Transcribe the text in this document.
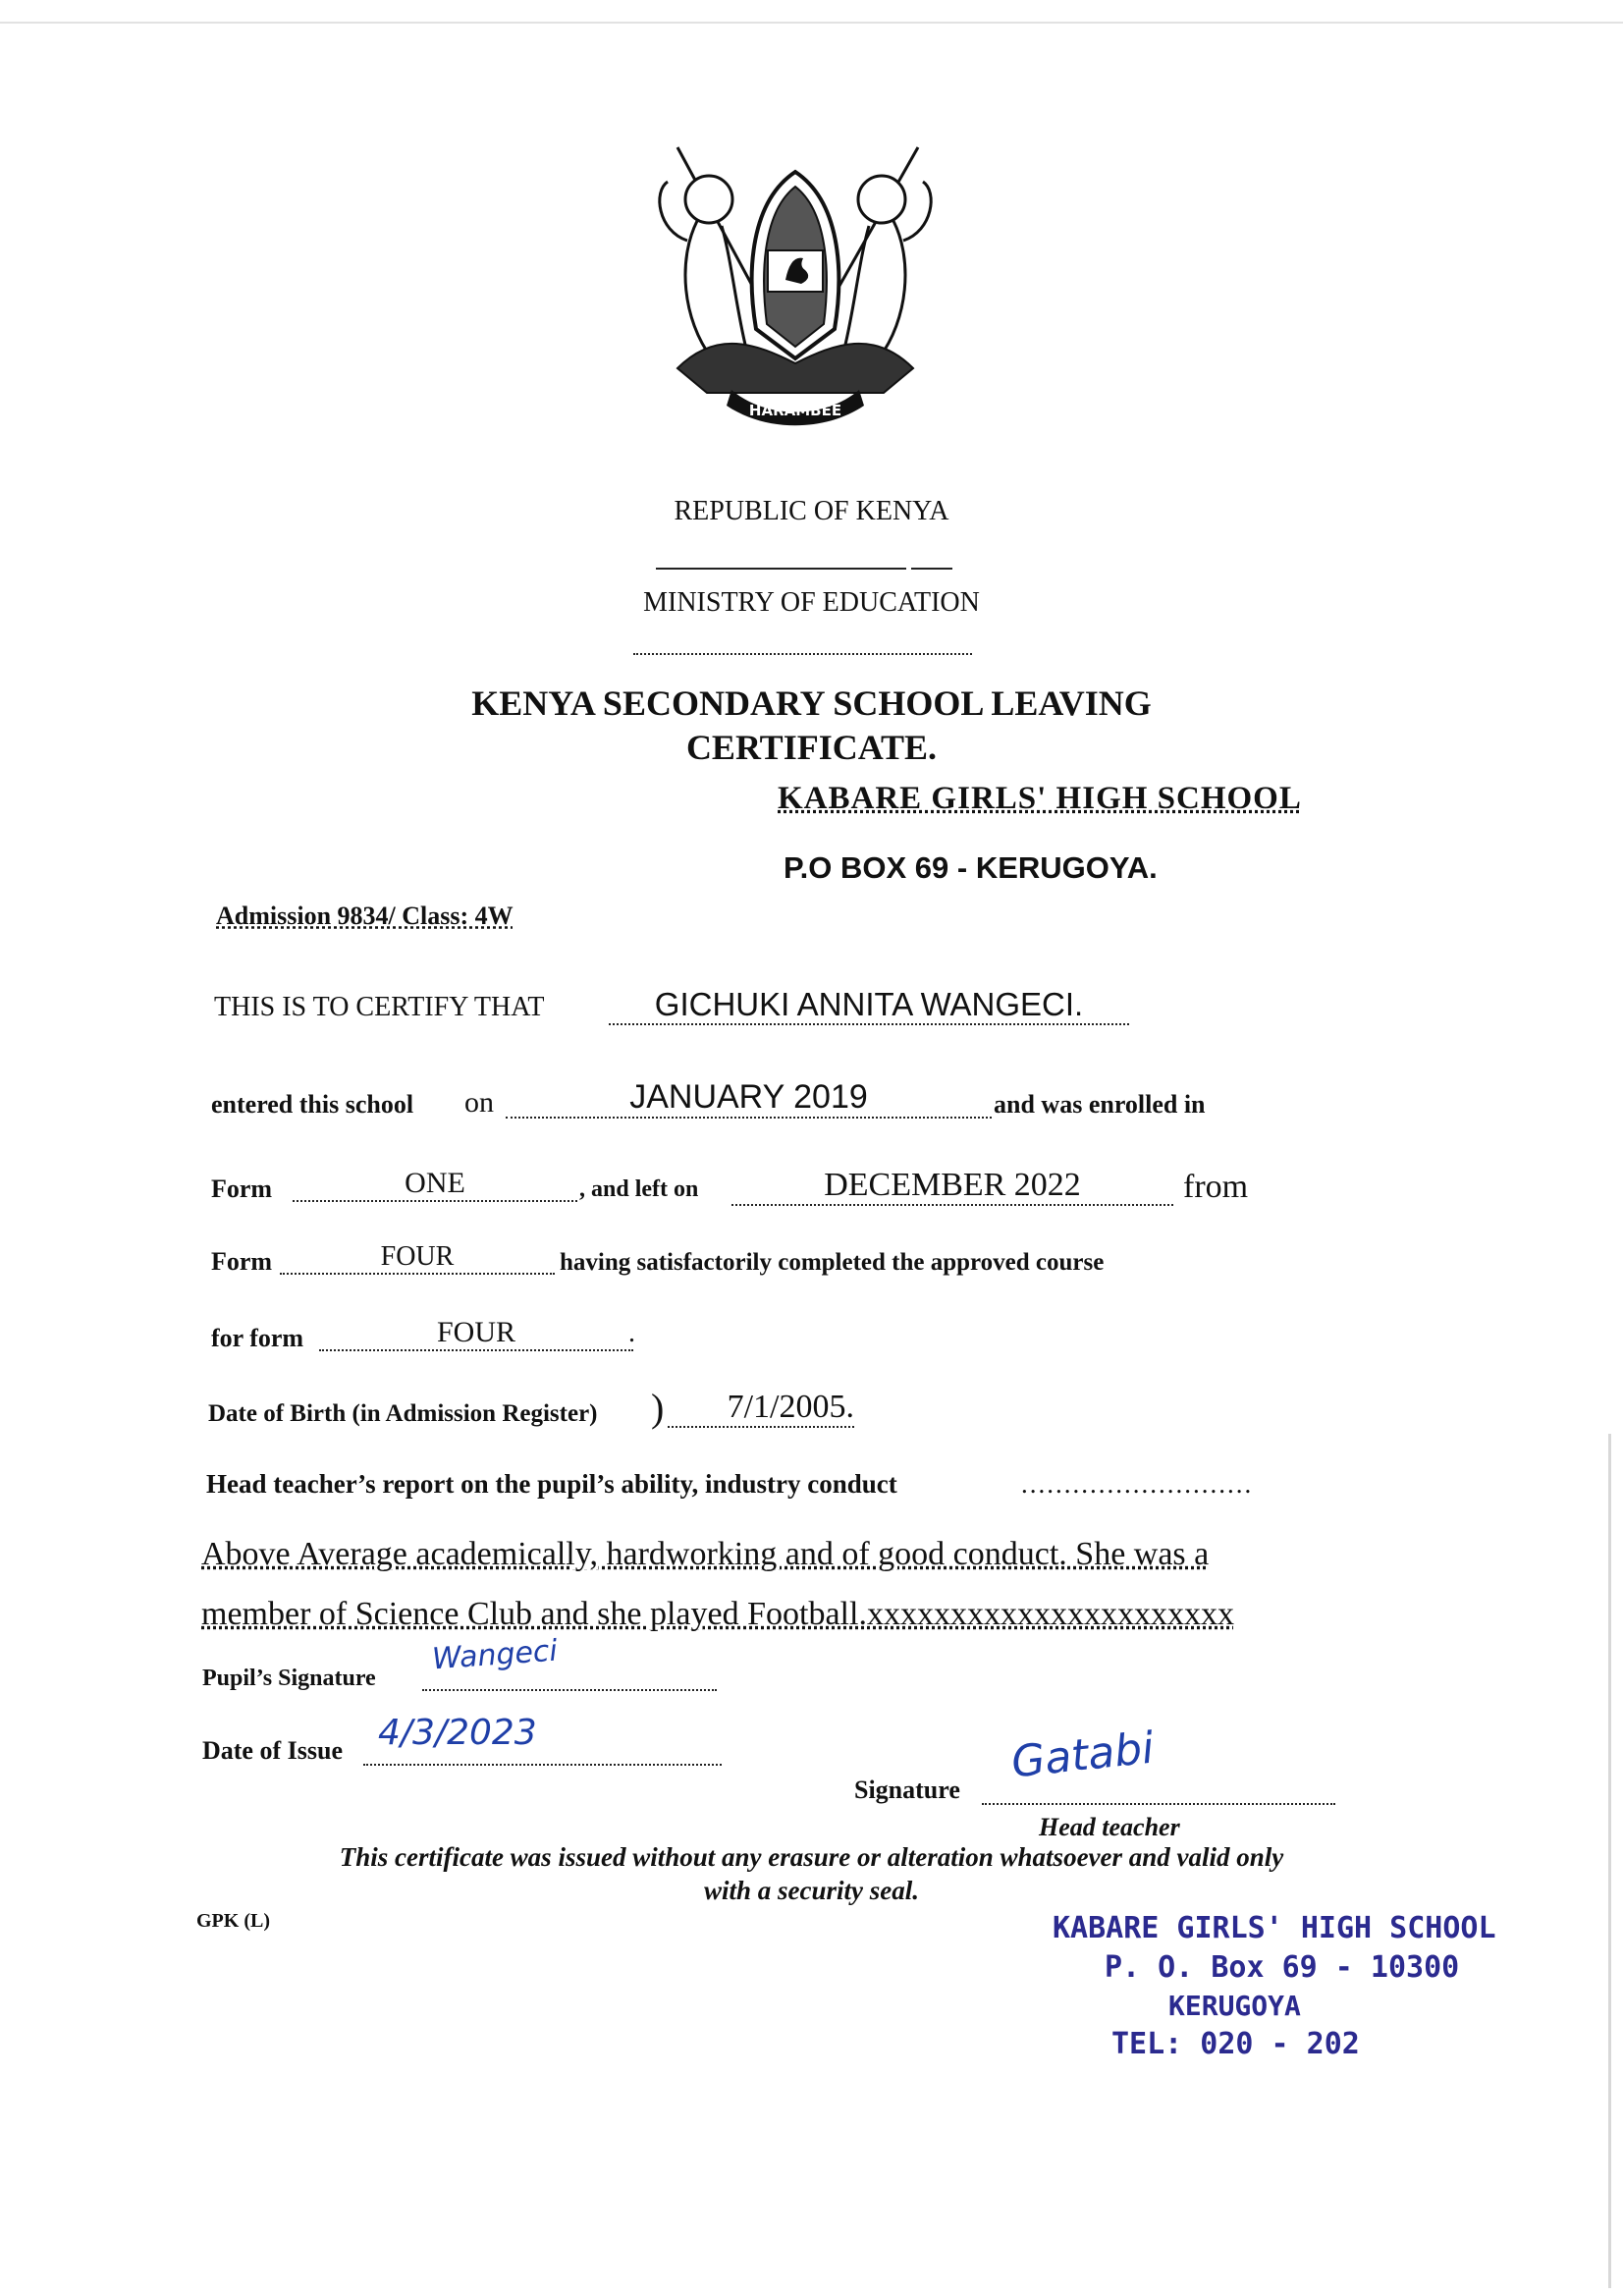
HARAMBEE
REPUBLIC OF KENYA
MINISTRY OF EDUCATION
KENYA SECONDARY SCHOOL LEAVING
CERTIFICATE.
KABARE GIRLS' HIGH SCHOOL
P.O BOX 69 - KERUGOYA.
Admission 9834/ Class: 4W
THIS IS TO CERTIFY THAT	GICHUKI ANNITA WANGECI.
entered this school on	JANUARY 2019	and was enrolled in
Form	ONE	, and left on	DECEMBER 2022	from
Form	FOUR	having satisfactorily completed the approved course
for form	FOUR	.
Date of Birth (in Admission Register) )	7/1/2005.
Head teacher’s report on the pupil’s ability, industry conduct	...........................
Above Average academically, hardworking and of good conduct. She was a
member of Science Club and she played Football.xxxxxxxxxxxxxxxxxxxxxx
Pupil’s Signature
Wangeci
Date of Issue 4/3/2023
Signature
Gatabi
Head teacher
This certificate was issued without any erasure or alteration whatsoever and valid only
with a security seal.
GPK (L)	KABARE GIRLS' HIGH SCHOOL
P. O. Box 69 - 10300
KERUGOYA
TEL: 020 - 202
